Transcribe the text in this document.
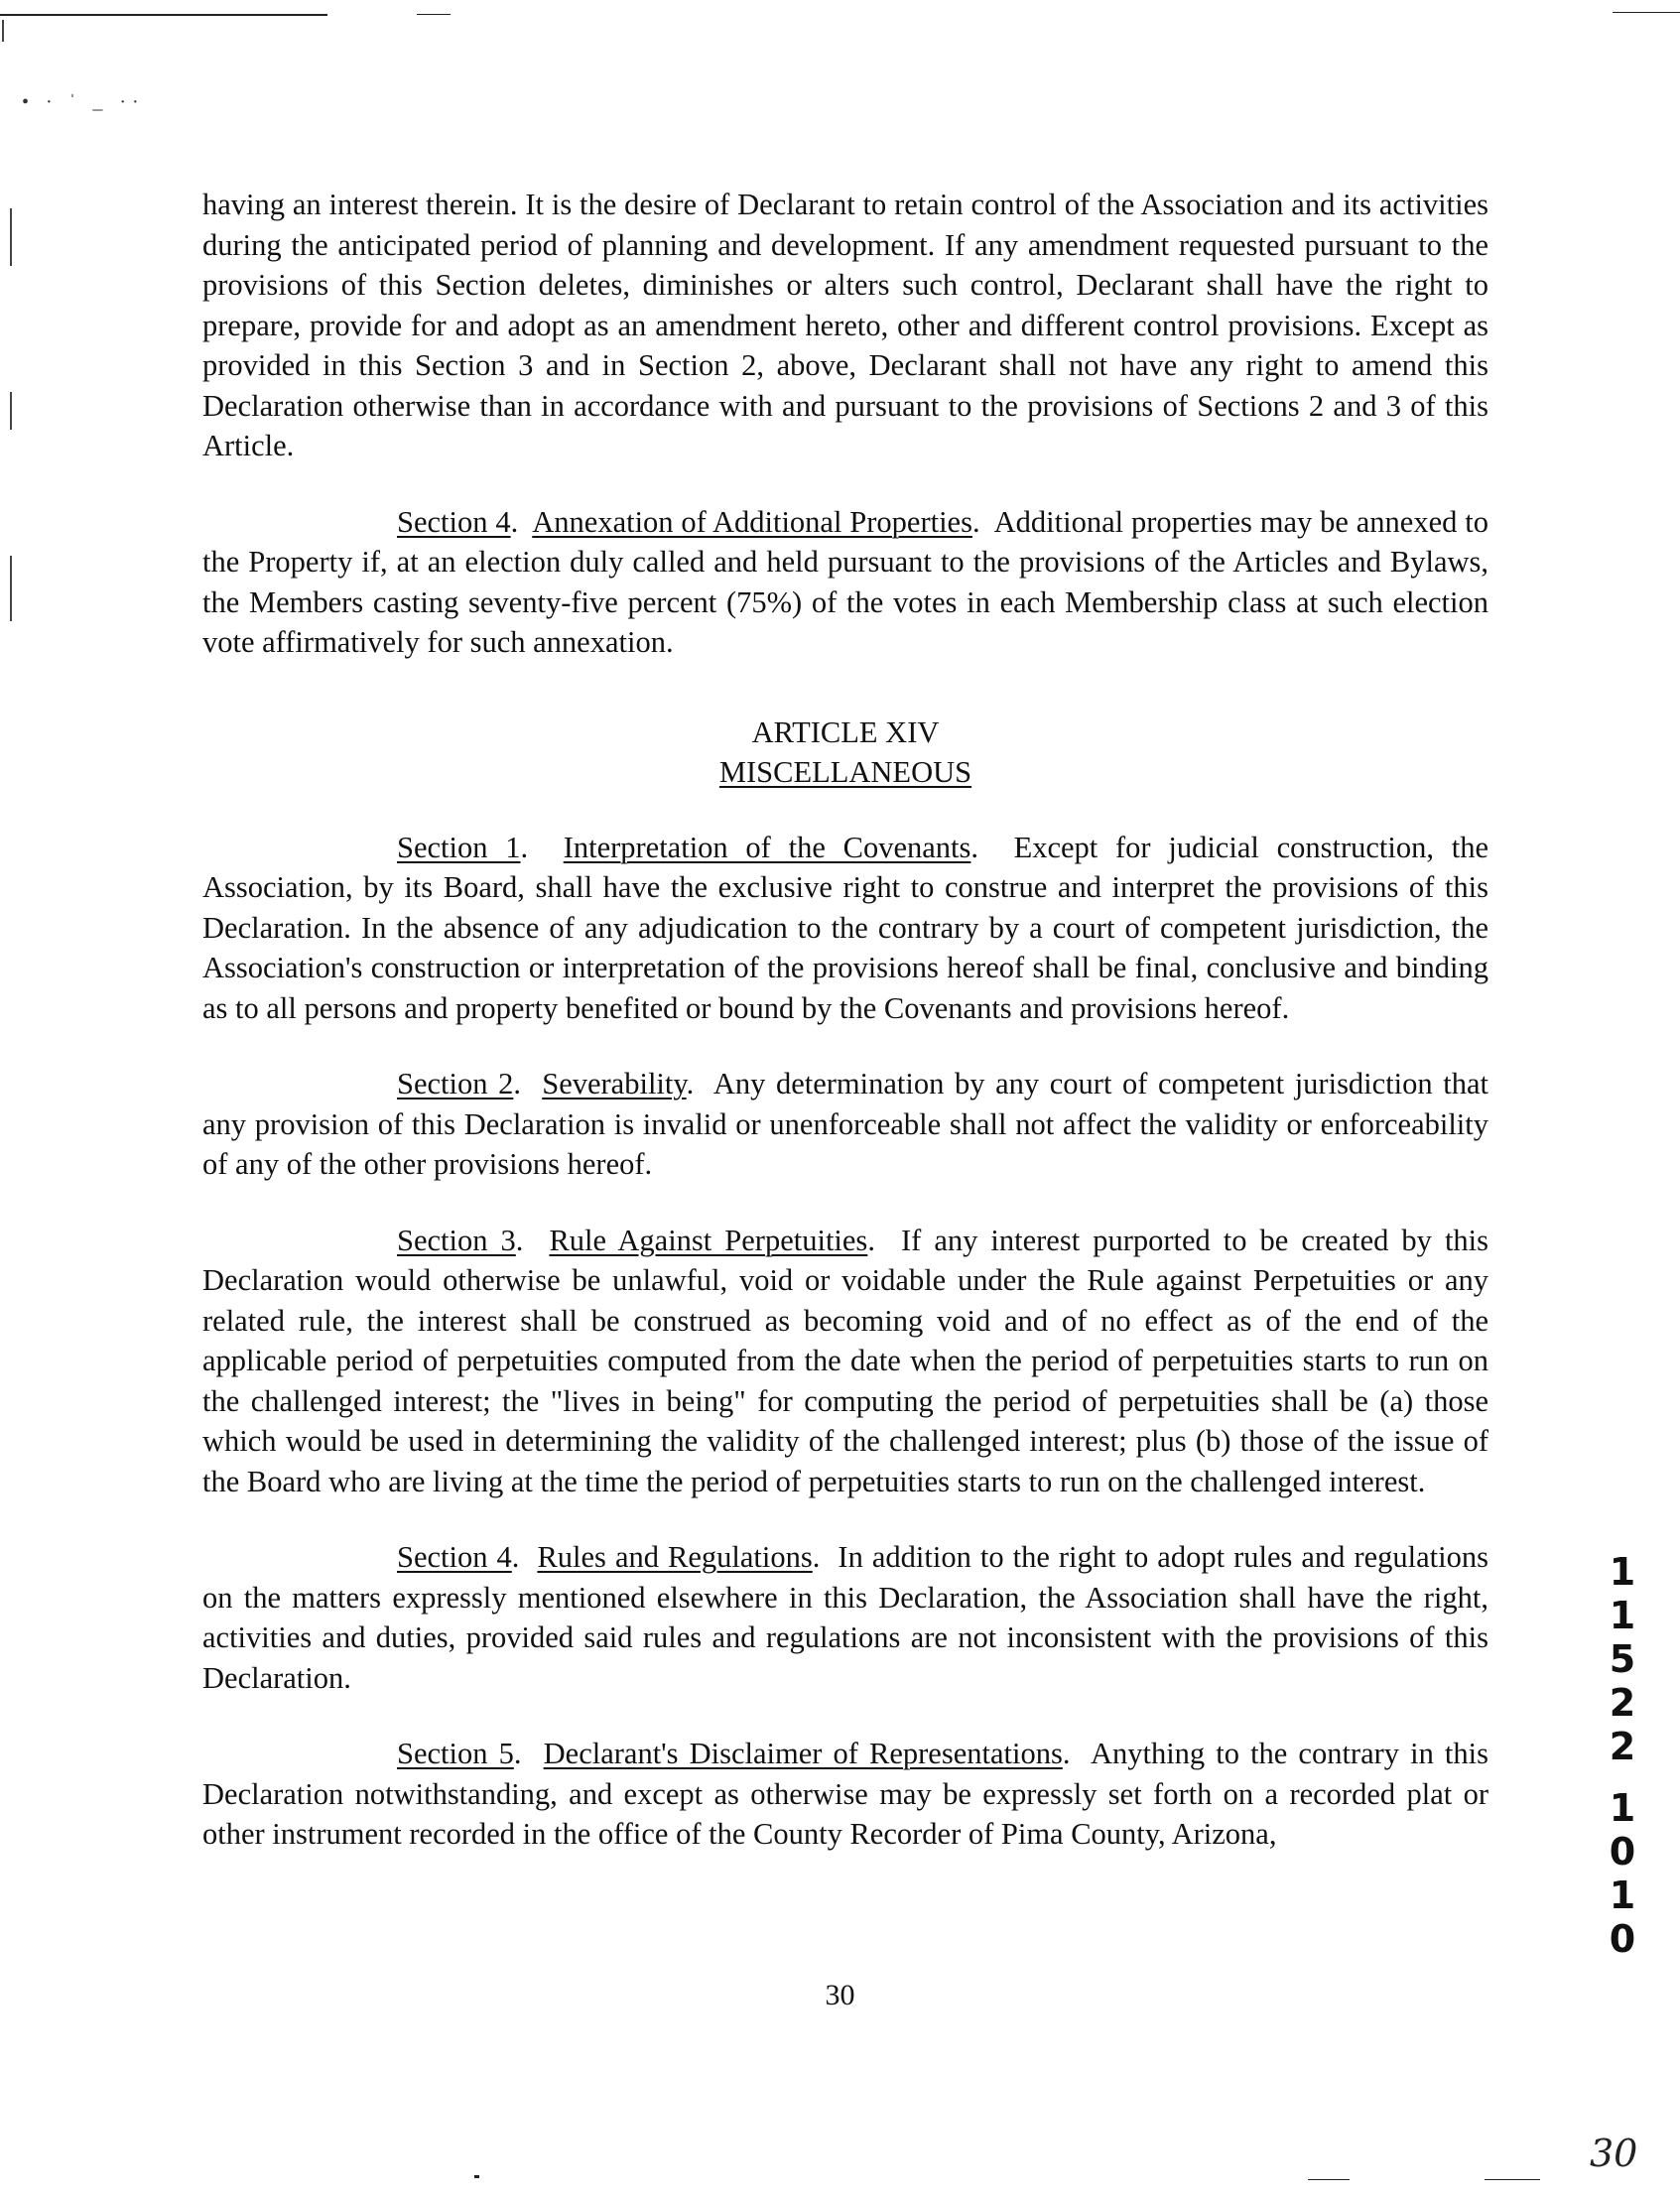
• · ˈ _ ··

having an interest therein. It is the desire of Declarant to retain control of the Association and its activities during the anticipated period of planning and development. If any amendment requested pursuant to the provisions of this Section deletes, diminishes or alters such control, Declarant shall have the right to prepare, provide for and adopt as an amendment hereto, other and different control provisions. Except as provided in this Section 3 and in Section 2, above, Declarant shall not have any right to amend this Declaration otherwise than in accordance with and pursuant to the provisions of Sections 2 and 3 of this Article.

Section 4.  Annexation of Additional Properties.  Additional properties may be annexed to the Property if, at an election duly called and held pursuant to the provisions of the Articles and Bylaws, the Members casting seventy-five percent (75%) of the votes in each Membership class at such election vote affirmatively for such annexation.

ARTICLE XIV
MISCELLANEOUS

Section 1.  Interpretation of the Covenants.  Except for judicial construction, the Association, by its Board, shall have the exclusive right to construe and interpret the provisions of this Declaration. In the absence of any adjudication to the contrary by a court of competent jurisdiction, the Association's construction or interpretation of the provisions hereof shall be final, conclusive and binding as to all persons and property benefited or bound by the Covenants and provisions hereof.

Section 2.  Severability.  Any determination by any court of competent jurisdiction that any provision of this Declaration is invalid or unenforceable shall not affect the validity or enforceability of any of the other provisions hereof.

Section 3.  Rule Against Perpetuities.  If any interest purported to be created by this Declaration would otherwise be unlawful, void or voidable under the Rule against Perpetuities or any related rule, the interest shall be construed as becoming void and of no effect as of the end of the applicable period of perpetuities computed from the date when the period of perpetuities starts to run on the challenged interest; the "lives in being" for computing the period of perpetuities shall be (a) those which would be used in determining the validity of the challenged interest; plus (b) those of the issue of the Board who are living at the time the period of perpetuities starts to run on the challenged interest.

Section 4.  Rules and Regulations.  In addition to the right to adopt rules and regulations on the matters expressly mentioned elsewhere in this Declaration, the Association shall have the right, activities and duties, provided said rules and regulations are not inconsistent with the provisions of this Declaration.

Section 5.  Declarant's Disclaimer of Representations.  Anything to the contrary in this Declaration notwithstanding, and except as otherwise may be expressly set forth on a recorded plat or other instrument recorded in the office of the County Recorder of Pima County, Arizona,

30
1
1
5
2
2
1
0
1
0
30
